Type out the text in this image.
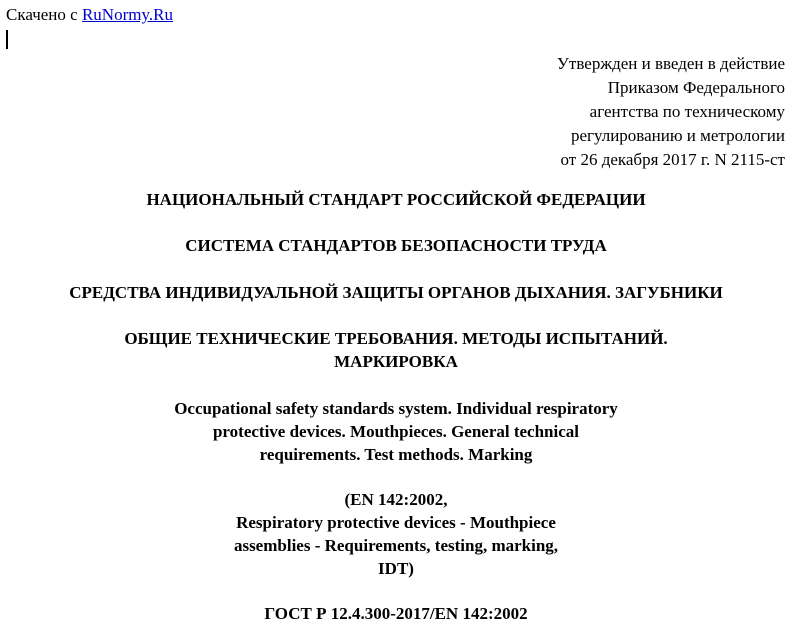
Скачено с RuNormy.Ru
Утвержден и введен в действие
Приказом Федерального
агентства по техническому
регулированию и метрологии
от 26 декабря 2017 г. N 2115-ст
НАЦИОНАЛЬНЫЙ СТАНДАРТ РОССИЙСКОЙ ФЕДЕРАЦИИ
СИСТЕМА СТАНДАРТОВ БЕЗОПАСНОСТИ ТРУДА
СРЕДСТВА ИНДИВИДУАЛЬНОЙ ЗАЩИТЫ ОРГАНОВ ДЫХАНИЯ. ЗАГУБНИКИ
ОБЩИЕ ТЕХНИЧЕСКИЕ ТРЕБОВАНИЯ. МЕТОДЫ ИСПЫТАНИЙ.
МАРКИРОВКА
Occupational safety standards system. Individual respiratory
protective devices. Mouthpieces. General technical
requirements. Test methods. Marking
(EN 142:2002,
Respiratory protective devices - Mouthpiece
assemblies - Requirements, testing, marking,
IDT)
ГОСТ Р 12.4.300-2017/EN 142:2002
